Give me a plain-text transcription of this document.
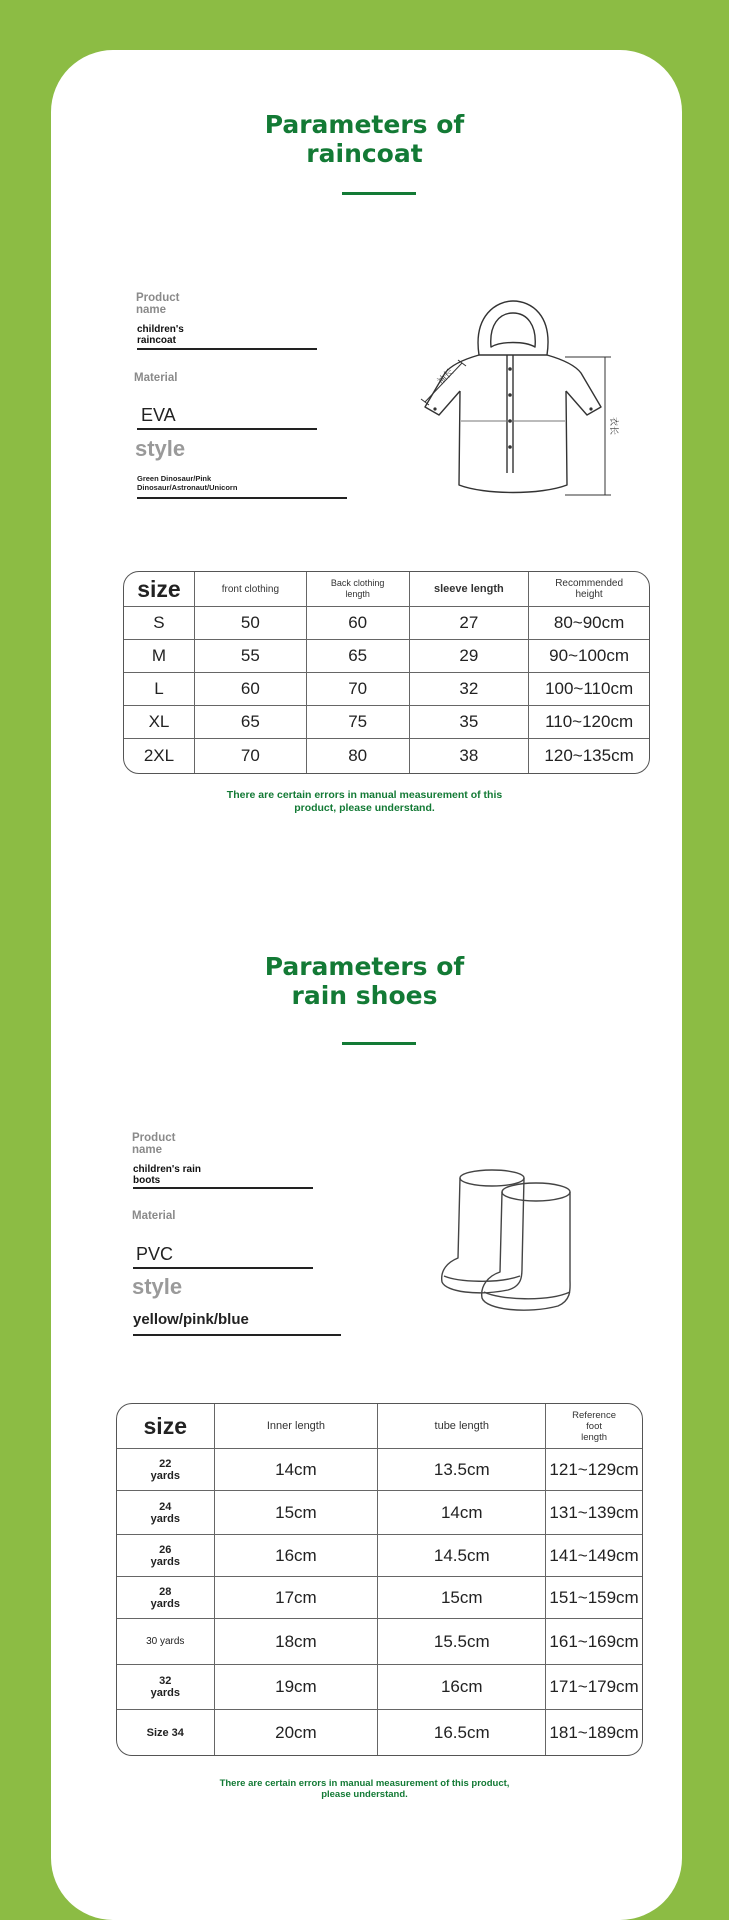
Parameters of
raincoat
Product name
children's raincoat
Material
EVA
style
Green Dinosaur/Pink
Dinosaur/Astronaut/Unicorn
袖长
衣长
size	front clothing	Back clothing length	sleeve length	Recommended height
S	50	60	27	80~90cm
M	55	65	29	90~100cm
L	60	70	32	100~110cm
XL	65	75	35	110~120cm
2XL	70	80	38	120~135cm
There are certain errors in manual measurement of this
product, please understand.
Parameters of
rain shoes
Product name
children's rain boots
Material
PVC
style
yellow/pink/blue
size	Inner length	tube length	Reference foot length
22 yards	14cm	13.5cm	121~129cm
24 yards	15cm	14cm	131~139cm
26 yards	16cm	14.5cm	141~149cm
28 yards	17cm	15cm	151~159cm
30 yards	18cm	15.5cm	161~169cm
32 yards	19cm	16cm	171~179cm
Size 34	20cm	16.5cm	181~189cm
There are certain errors in manual measurement of this product,
please understand.
